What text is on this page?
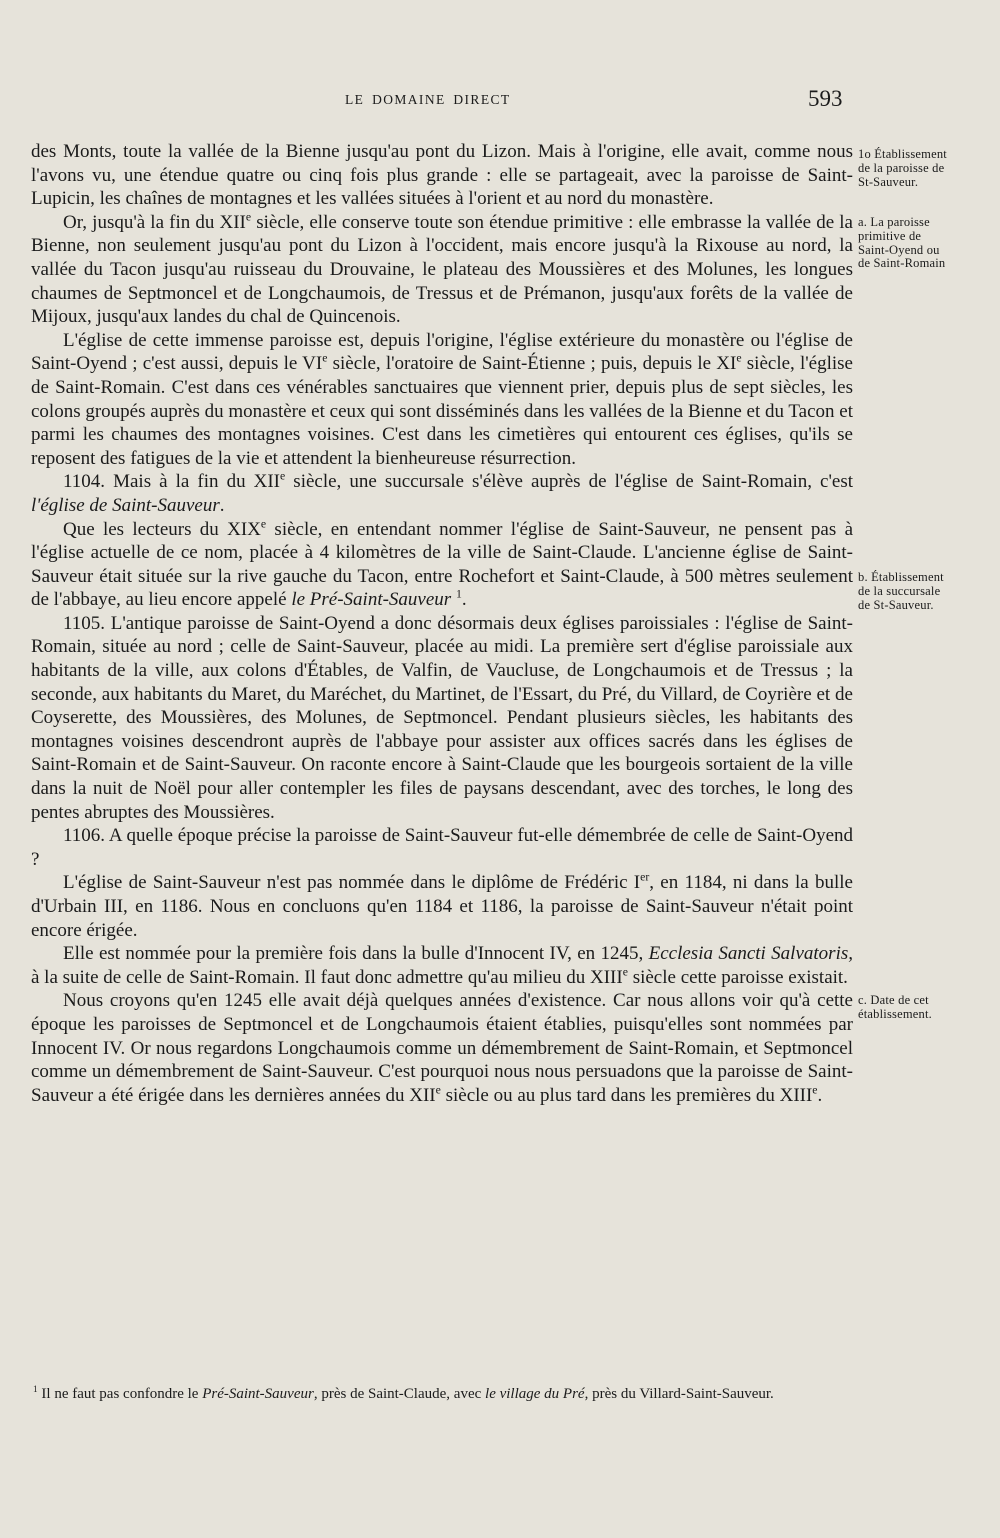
LE DOMAINE DIRECT	593
1o Établissement de la paroisse de St-Sauveur.
a. La paroisse primitive de Saint-Oyend ou de Saint-Romain
b. Établissement de la succursale de St-Sauveur.
c. Date de cet établissement.

des Monts, toute la vallée de la Bienne jusqu'au pont du Lizon. Mais à l'origine, elle avait, comme nous l'avons vu, une étendue quatre ou cinq fois plus grande : elle se partageait, avec la paroisse de Saint-Lupicin, les chaînes de montagnes et les vallées situées à l'orient et au nord du monastère.

Or, jusqu'à la fin du XIIe siècle, elle conserve toute son étendue primitive : elle embrasse la vallée de la Bienne, non seulement jusqu'au pont du Lizon à l'occident, mais encore jusqu'à la Rixouse au nord, la vallée du Tacon jusqu'au ruisseau du Drouvaine, le plateau des Moussières et des Molunes, les longues chaumes de Septmoncel et de Longchaumois, de Tressus et de Prémanon, jusqu'aux forêts de la vallée de Mijoux, jusqu'aux landes du chal de Quincenois.

L'église de cette immense paroisse est, depuis l'origine, l'église extérieure du monastère ou l'église de Saint-Oyend ; c'est aussi, depuis le VIe siècle, l'oratoire de Saint-Étienne ; puis, depuis le XIe siècle, l'église de Saint-Romain. C'est dans ces vénérables sanctuaires que viennent prier, depuis plus de sept siècles, les colons groupés auprès du monastère et ceux qui sont disséminés dans les vallées de la Bienne et du Tacon et parmi les chaumes des montagnes voisines. C'est dans les cimetières qui entourent ces églises, qu'ils se reposent des fatigues de la vie et attendent la bienheureuse résurrection.

1104. Mais à la fin du XIIe siècle, une succursale s'élève auprès de l'église de Saint-Romain, c'est l'église de Saint-Sauveur.

Que les lecteurs du XIXe siècle, en entendant nommer l'église de Saint-Sauveur, ne pensent pas à l'église actuelle de ce nom, placée à 4 kilomètres de la ville de Saint-Claude. L'ancienne église de Saint-Sauveur était située sur la rive gauche du Tacon, entre Rochefort et Saint-Claude, à 500 mètres seulement de l'abbaye, au lieu encore appelé le Pré-Saint-Sauveur $^1$.

1105. L'antique paroisse de Saint-Oyend a donc désormais deux églises paroissiales : l'église de Saint-Romain, située au nord ; celle de Saint-Sauveur, placée au midi. La première sert d'église paroissiale aux habitants de la ville, aux colons d'Étables, de Valfin, de Vaucluse, de Longchaumois et de Tressus ; la seconde, aux habitants du Maret, du Maréchet, du Martinet, de l'Essart, du Pré, du Villard, de Coyrière et de Coyserette, des Moussières, des Molunes, de Septmoncel. Pendant plusieurs siècles, les habitants des montagnes voisines descendront auprès de l'abbaye pour assister aux offices sacrés dans les églises de Saint-Romain et de Saint-Sauveur. On raconte encore à Saint-Claude que les bourgeois sortaient de la ville dans la nuit de Noël pour aller contempler les files de paysans descendant, avec des torches, le long des pentes abruptes des Moussières.

1106. A quelle époque précise la paroisse de Saint-Sauveur fut-elle démembrée de celle de Saint-Oyend ?

L'église de Saint-Sauveur n'est pas nommée dans le diplôme de Frédéric Ier, en 1184, ni dans la bulle d'Urbain III, en 1186. Nous en concluons qu'en 1184 et 1186, la paroisse de Saint-Sauveur n'était point encore érigée.

Elle est nommée pour la première fois dans la bulle d'Innocent IV, en 1245, Ecclesia Sancti Salvatoris, à la suite de celle de Saint-Romain. Il faut donc admettre qu'au milieu du XIIIe siècle cette paroisse existait.

Nous croyons qu'en 1245 elle avait déjà quelques années d'existence. Car nous allons voir qu'à cette époque les paroisses de Septmoncel et de Longchaumois étaient établies, puisqu'elles sont nommées par Innocent IV. Or nous regardons Longchaumois comme un démembrement de Saint-Romain, et Septmoncel comme un démembrement de Saint-Sauveur. C'est pourquoi nous nous persuadons que la paroisse de Saint-Sauveur a été érigée dans les dernières années du XIIe siècle ou au plus tard dans les premières du XIIIe.

$^1$ Il ne faut pas confondre le Pré-Saint-Sauveur, près de Saint-Claude, avec le village du Pré, près du Villard-Saint-Sauveur.
